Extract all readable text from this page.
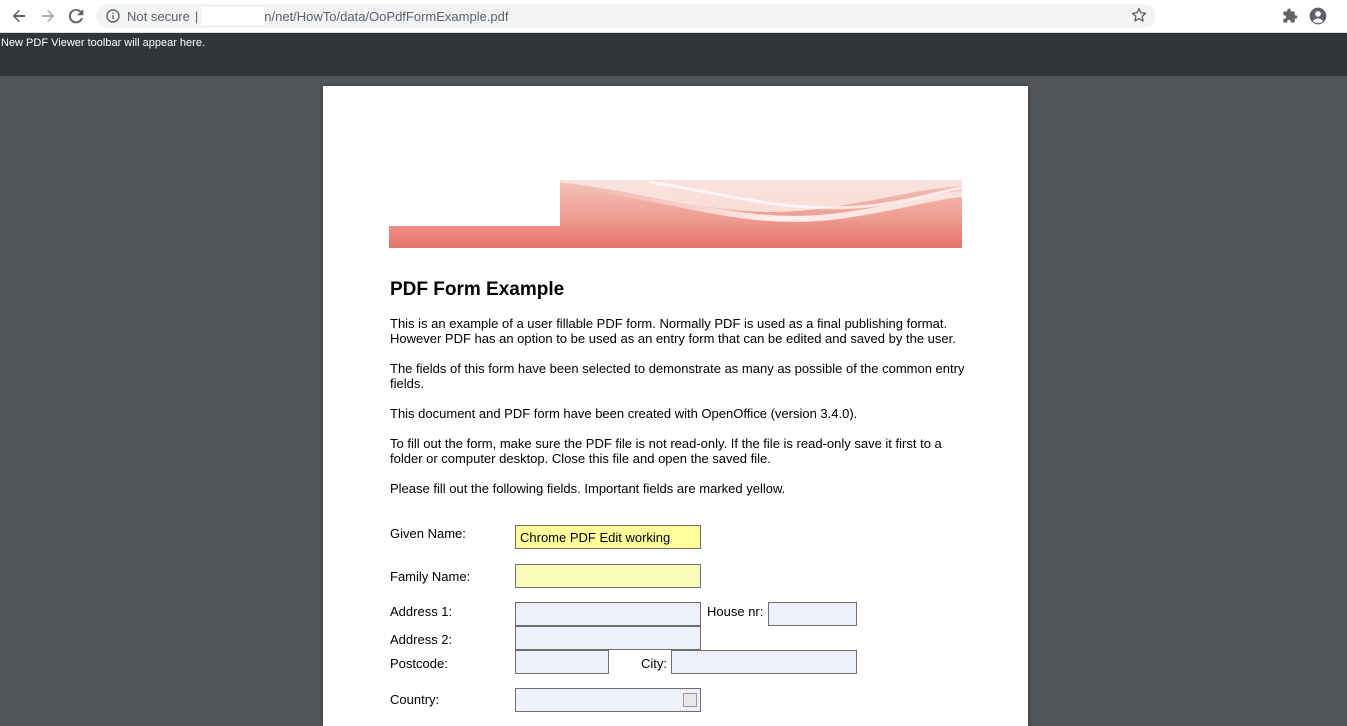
Not secure |	n/net/HowTo/data/OoPdfFormExample.pdf
New PDF Viewer toolbar will appear here.
PDF Form Example
This is an example of a user fillable PDF form. Normally PDF is used as a final publishing format. However PDF has an option to be used as an entry form that can be edited and saved by the user.
The fields of this form have been selected to demonstrate as many as possible of the common entry fields.
This document and PDF form have been created with OpenOffice (version 3.4.0).
To fill out the form, make sure the PDF file is not read-only. If the file is read-only save it first to a folder or computer desktop. Close this file and open the saved file.
Please fill out the following fields. Important fields are marked yellow.
Given Name:
Chrome PDF Edit working
Family Name:
Address 1:	House nr:
Address 2:
Postcode:	City:
Country:
